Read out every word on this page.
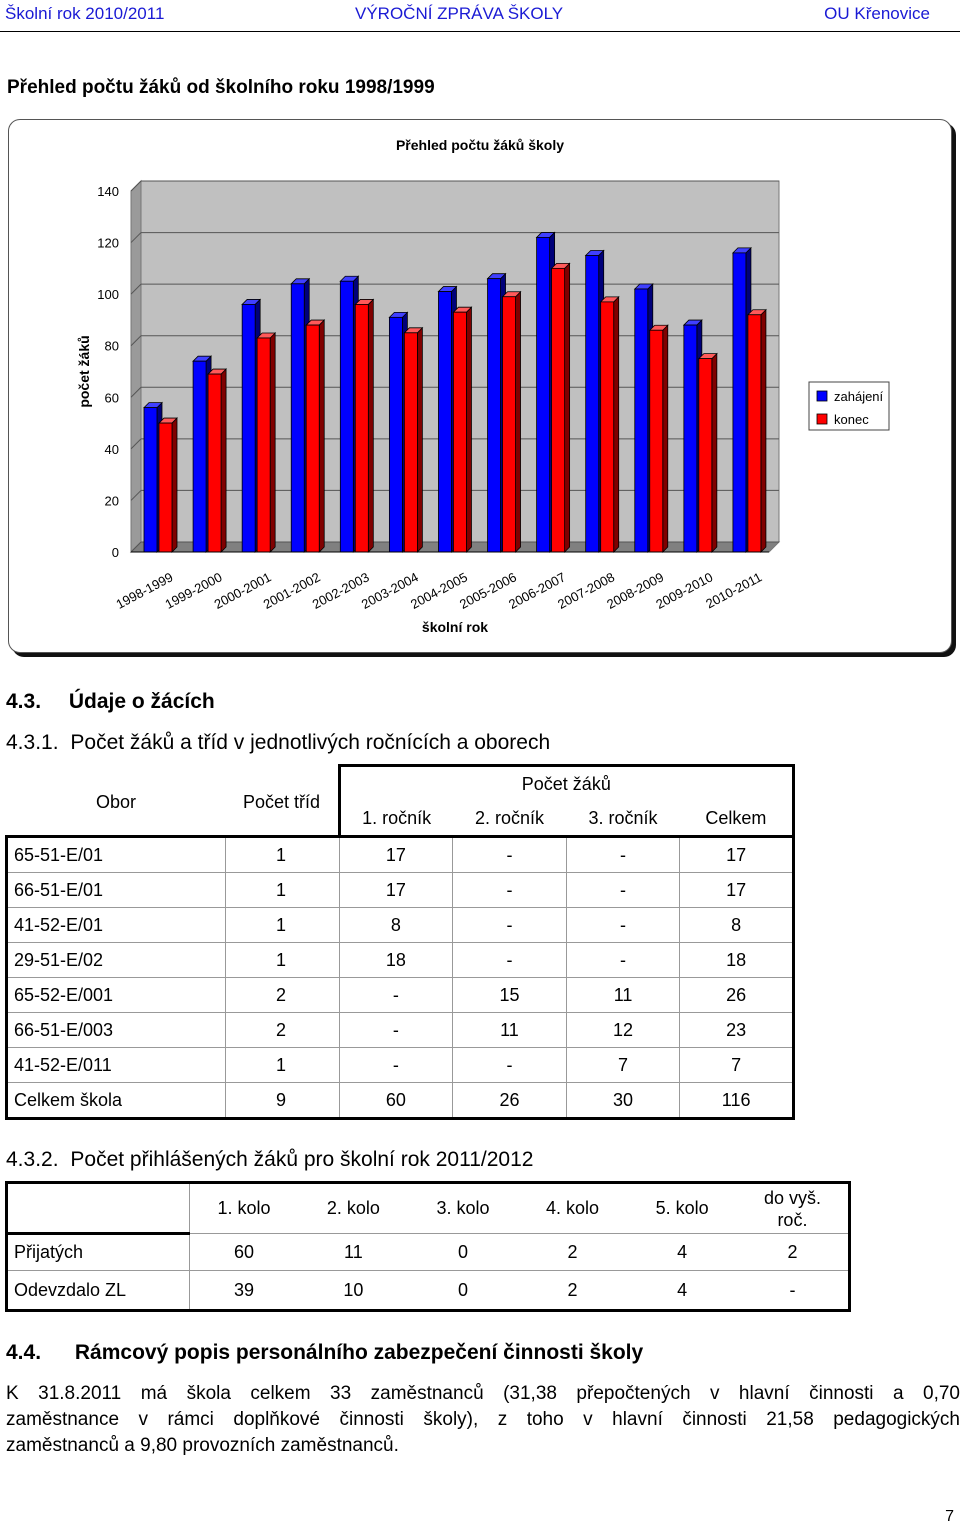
Školní rok 2010/2011	VÝROČNÍ ZPRÁVA ŠKOLY	OU Křenovice
Přehled počtu žáků od školního roku 1998/1999
0
20
40
60
80
100
120
140
počet žáků
Přehled počtu žáků školy
1998-1999
1999-2000
2000-2001
2001-2002
2002-2003
2003-2004
2004-2005
2005-2006
2006-2007
2007-2008
2008-2009
2009-2010
2010-2011
školní rok
zahájení
konec
4.3. Údaje o žácích
4.3.1. Počet žáků a tříd v jednotlivých ročnících a oborech
Obor	Počet tříd	Počet žáků			
		1. ročník	2. ročník	3. ročník	Celkem
65-51-E/01	1	17	-	-	17
66-51-E/01	1	17	-	-	17
41-52-E/01	1	8	-	-	8
29-51-E/02	1	18	-	-	18
65-52-E/001	2	-	15	11	26
66-51-E/003	2	-	11	12	23
41-52-E/011	1	-	-	7	7
Celkem škola	9	60	26	30	116
4.3.2. Počet přihlášených žáků pro školní rok 2011/2012
	1. kolo	2. kolo	3. kolo	4. kolo	5. kolo	do vyš.
roč.
Přijatých	60	11	0	2	4	2
Odevzdalo ZL	39	10	0	2	4	-
4.4. Rámcový popis personálního zabezpečení činnosti školy
K 31.8.2011 má škola celkem 33 zaměstnanců (31,38 přepočtených v hlavní činnosti a 0,70
zaměstnance v rámci doplňkové činnosti školy), z toho v hlavní činnosti 21,58 pedagogických
zaměstnanců a 9,80 provozních zaměstnanců.
7
